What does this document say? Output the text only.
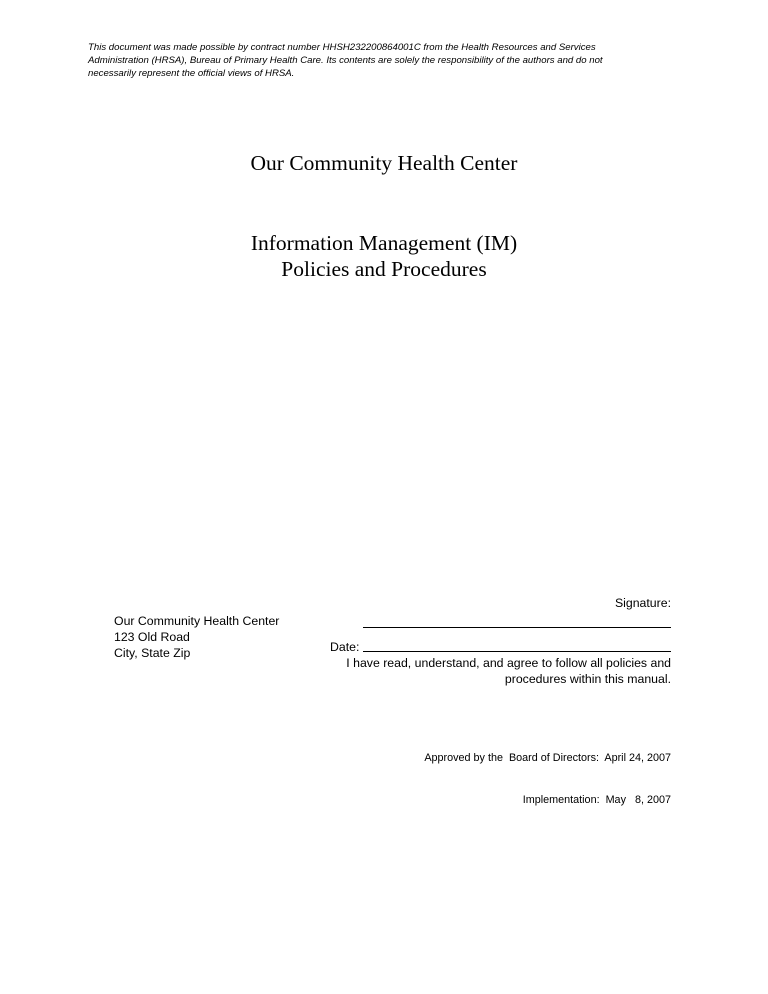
This document was made possible by contract number HHSH232200864001C from the Health Resources and Services
Administration (HRSA), Bureau of Primary Health Care. Its contents are solely the responsibility of the authors and do not
necessarily represent the official views of HRSA.
Our Community Health Center
Information Management (IM)
Policies and Procedures
Our Community Health Center
123 Old Road
City, State Zip
Signature:
Date:
I have read, understand, and agree to follow all policies and
procedures within this manual.

Approved by the  Board of Directors:  April 24, 2007

Implementation:  May   8, 2007
